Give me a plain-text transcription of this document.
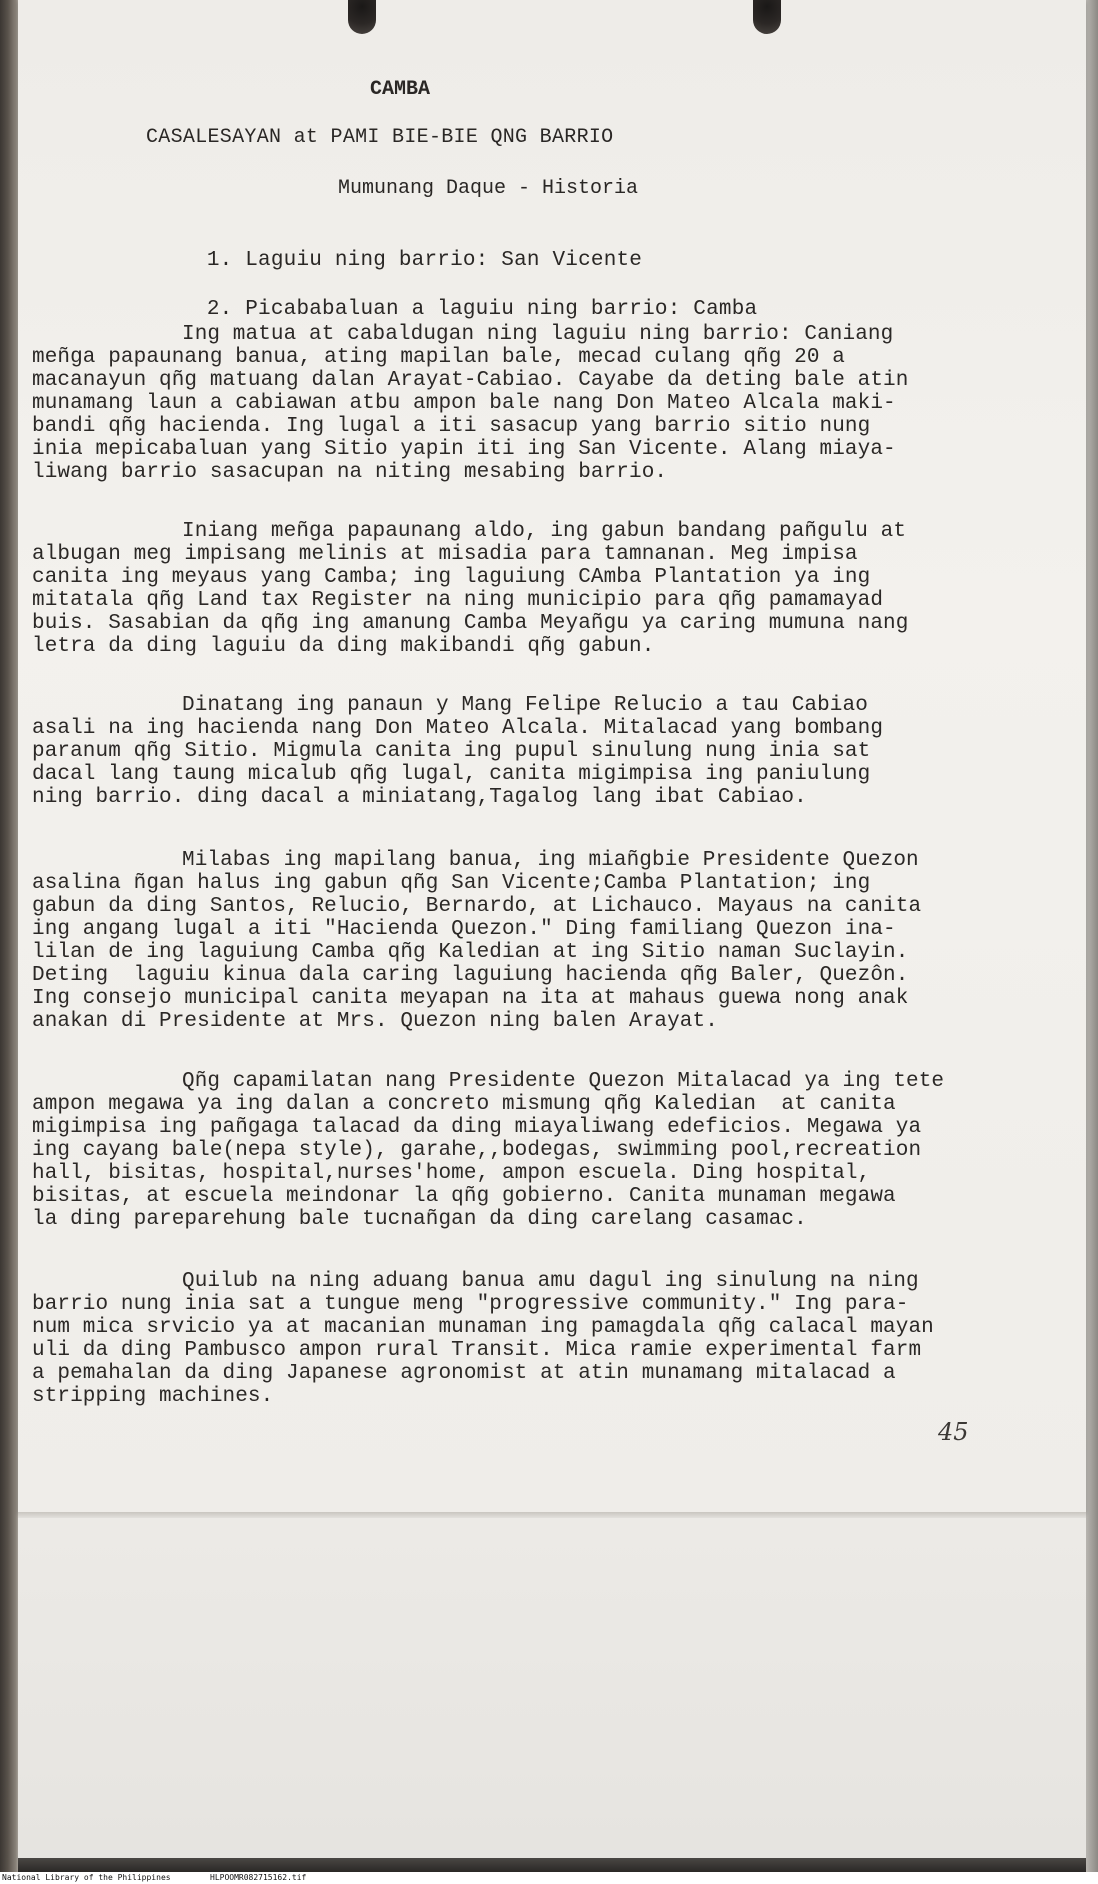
CAMBA
CASALESAYAN at PAMI BIE-BIE QNG BARRIO
Mumunang Daque - Historia

1. Laguiu ning barrio: San Vicente

2. Picababaluan a laguiu ning barrio: Camba

Ing matua at cabaldugan ning laguiu ning barrio: Caniang
meñga papaunang banua, ating mapilan bale, mecad culang qñg 20 a
macanayun qñg matuang dalan Arayat-Cabiao. Cayabe da deting bale atin
munamang laun a cabiawan atbu ampon bale nang Don Mateo Alcala maki-
bandi qñg hacienda. Ing lugal a iti sasacup yang barrio sitio nung
inia mepicabaluan yang Sitio yapin iti ing San Vicente. Alang miaya-
liwang barrio sasacupan na niting mesabing barrio.
Iniang meñga papaunang aldo, ing gabun bandang pañgulu at
albugan meg impisang melinis at misadia para tamnanan. Meg impisa
canita ing meyaus yang Camba; ing laguiung CAmba Plantation ya ing
mitatala qñg Land tax Register na ning municipio para qñg pamamayad
buis. Sasabian da qñg ing amanung Camba Meyañgu ya caring mumuna nang
letra da ding laguiu da ding makibandi qñg gabun.
Dinatang ing panaun y Mang Felipe Relucio a tau Cabiao
asali na ing hacienda nang Don Mateo Alcala. Mitalacad yang bombang
paranum qñg Sitio. Migmula canita ing pupul sinulung nung inia sat
dacal lang taung micalub qñg lugal, canita migimpisa ing paniulung
ning barrio. ding dacal a miniatang,Tagalog lang ibat Cabiao.
Milabas ing mapilang banua, ing miañgbie Presidente Quezon
asalina ñgan halus ing gabun qñg San Vicente;Camba Plantation; ing
gabun da ding Santos, Relucio, Bernardo, at Lichauco. Mayaus na canita
ing angang lugal a iti "Hacienda Quezon." Ding familiang Quezon ina-
lilan de ing laguiung Camba qñg Kaledian at ing Sitio naman Suclayin.
Deting  laguiu kinua dala caring laguiung hacienda qñg Baler, Quezôn.
Ing consejo municipal canita meyapan na ita at mahaus guewa nong anak
anakan di Presidente at Mrs. Quezon ning balen Arayat.
Qñg capamilatan nang Presidente Quezon Mitalacad ya ing tete
ampon megawa ya ing dalan a concreto mismung qñg Kaledian  at canita
migimpisa ing pañgaga talacad da ding miayaliwang edeficios. Megawa ya
ing cayang bale(nepa style), garahe,,bodegas, swimming pool,recreation
hall, bisitas, hospital,nurses'home, ampon escuela. Ding hospital,
bisitas, at escuela meindonar la qñg gobierno. Canita munaman megawa
la ding pareparehung bale tucnañgan da ding carelang casamac.
Quilub na ning aduang banua amu dagul ing sinulung na ning
barrio nung inia sat a tungue meng "progressive community." Ing para-
num mica srvicio ya at macanian munaman ing pamagdala qñg calacal mayan
uli da ding Pambusco ampon rural Transit. Mica ramie experimental farm
a pemahalan da ding Japanese agronomist at atin munamang mitalacad a
stripping machines.
45
National Library of the Philippines	HLPOOMR082715162.tif
